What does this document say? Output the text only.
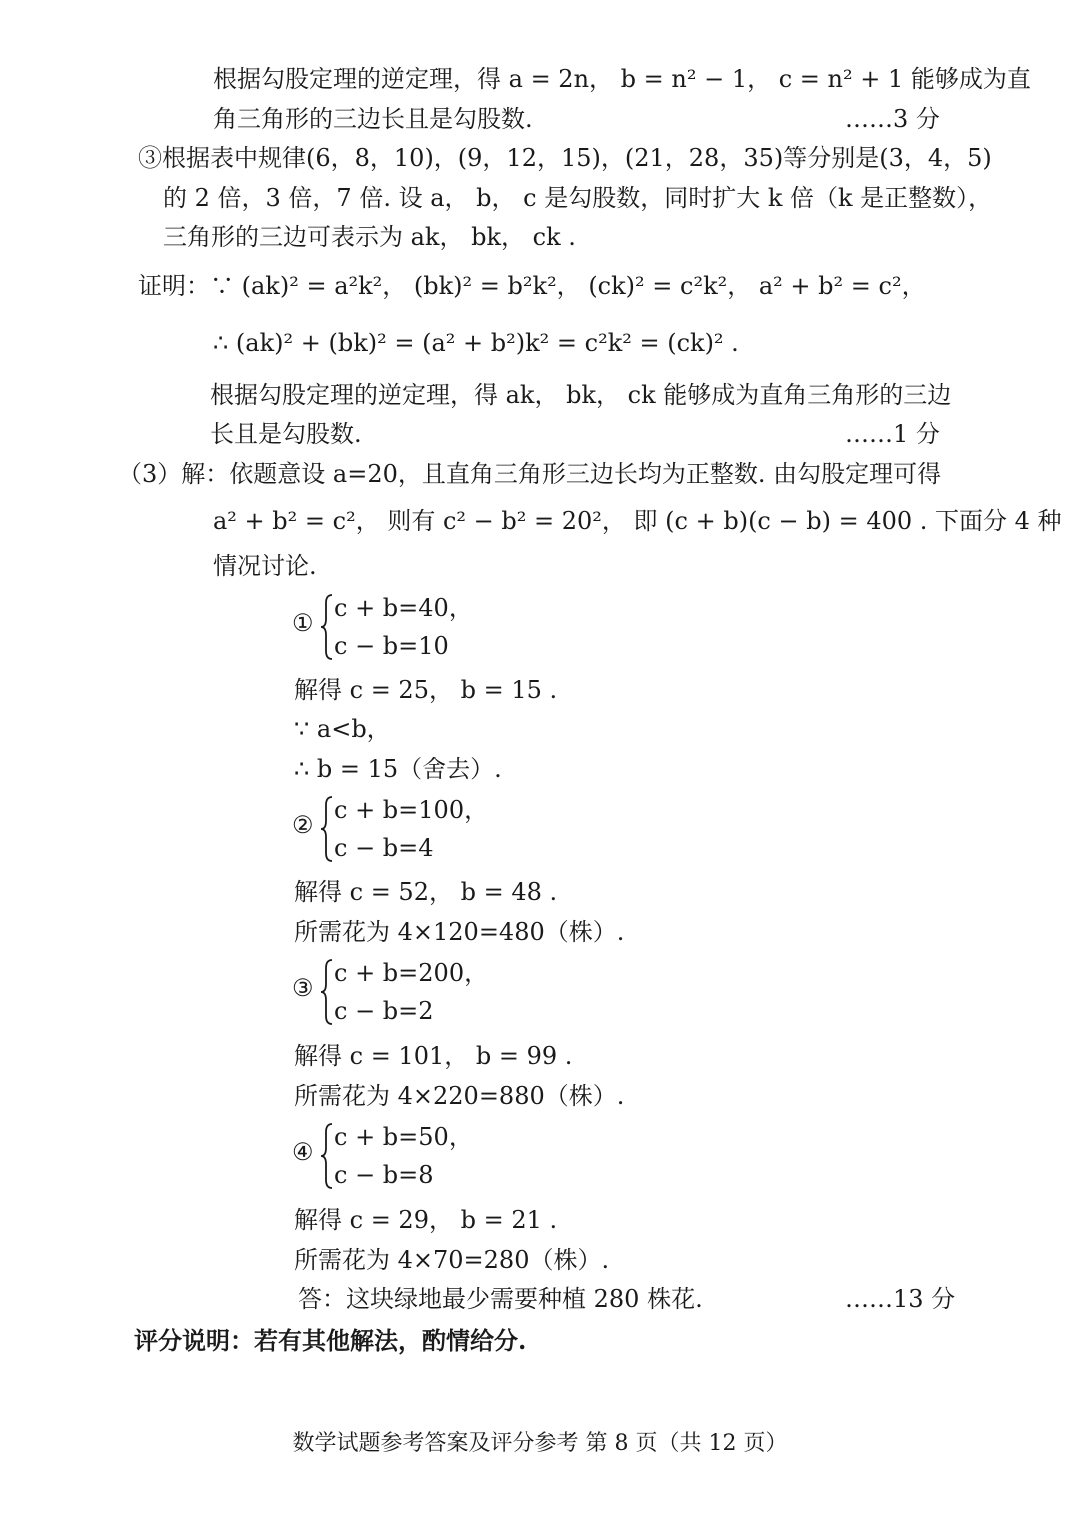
根据勾股定理的逆定理，得 a = 2n， b = n² − 1， c = n² + 1 能够成为直
角三角形的三边长且是勾股数.	……3 分
③根据表中规律(6，8，10)，(9，12，15)，(21，28，35)等分别是(3，4，5)
的 2 倍，3 倍，7 倍. 设 a， b， c 是勾股数，同时扩大 k 倍（k 是正整数），
三角形的三边可表示为 ak， bk， ck .
证明：∵ (ak)² = a²k²， (bk)² = b²k²， (ck)² = c²k²， a² + b² = c²，
∴ (ak)² + (bk)² = (a² + b²)k² = c²k² = (ck)² .
根据勾股定理的逆定理，得 ak， bk， ck 能够成为直角三角形的三边
长且是勾股数.	……1 分
（3）解：依题意设 a=20，且直角三角形三边长均为正整数. 由勾股定理可得
a² + b² = c²， 则有 c² − b² = 20²， 即 (c + b)(c − b) = 400 . 下面分 4 种
情况讨论.
①
c + b=40，
c − b=10
解得 c = 25， b = 15 .
∵ a<b，
∴ b = 15（舍去）.
②
c + b=100，
c − b=4
解得 c = 52， b = 48 .
所需花为 4×120=480（株）.
③
c + b=200，
c − b=2
解得 c = 101， b = 99 .
所需花为 4×220=880（株）.
④
c + b=50，
c − b=8
解得 c = 29， b = 21 .
所需花为 4×70=280（株）.
答：这块绿地最少需要种植 280 株花.	……13 分
评分说明：若有其他解法，酌情给分.
数学试题参考答案及评分参考 第 8 页（共 12 页）
